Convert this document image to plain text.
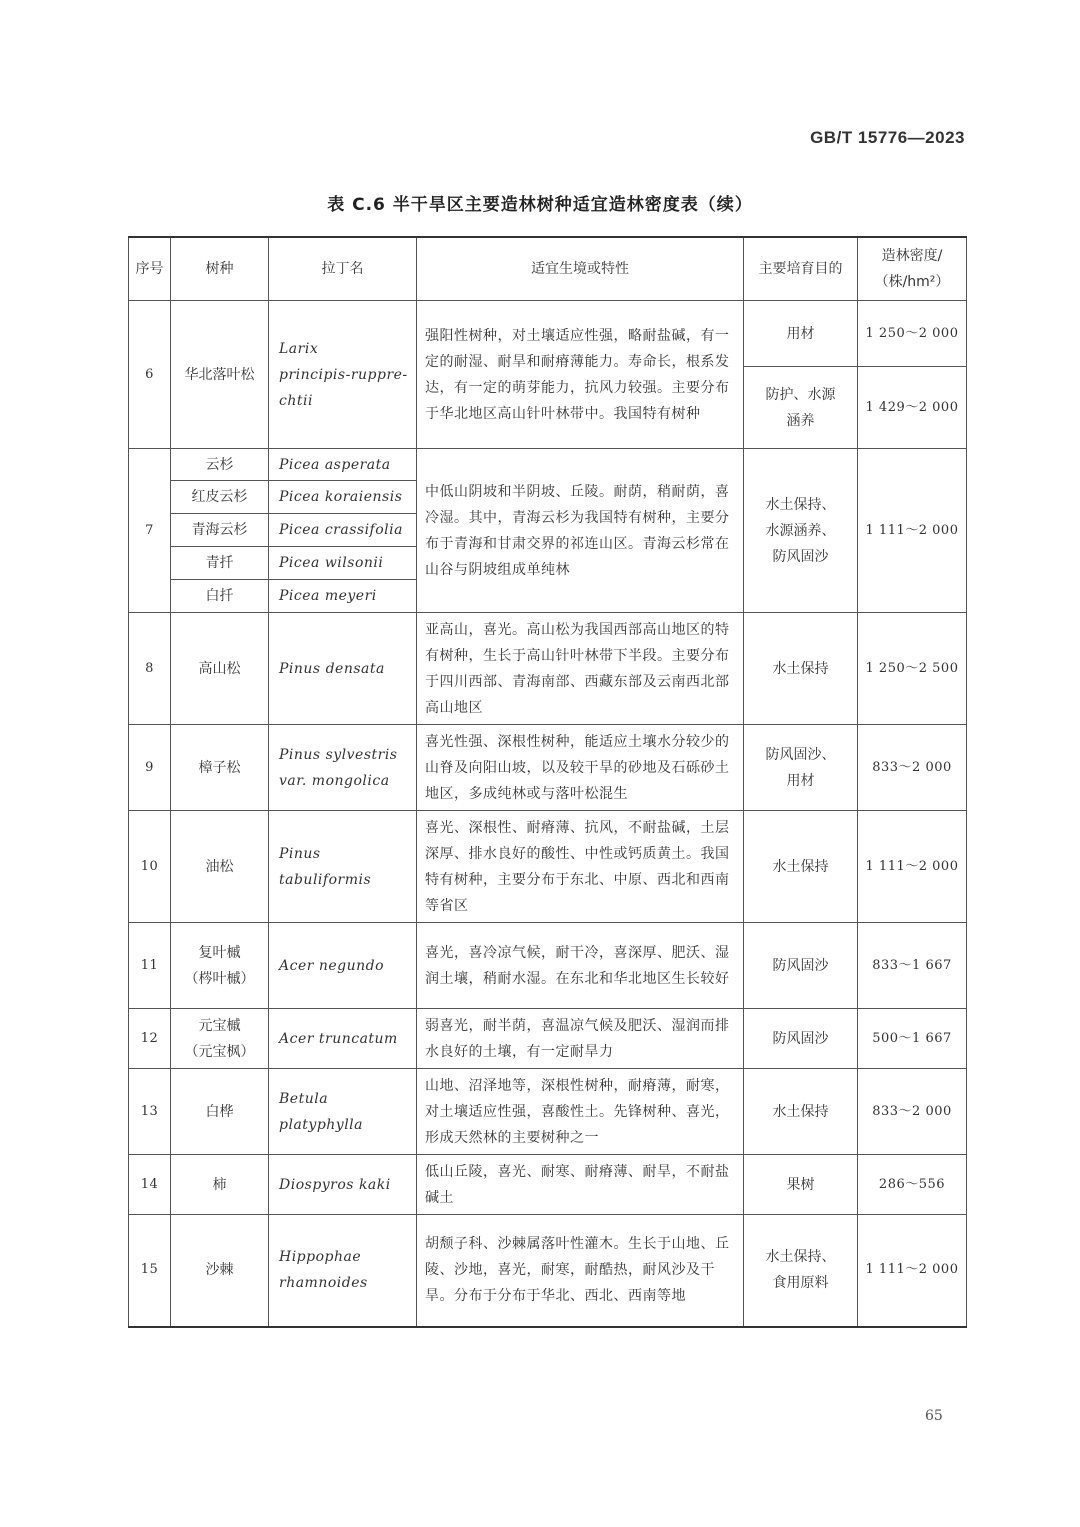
GB/T 15776—2023
表 C.6 半干旱区主要造林树种适宜造林密度表（续）
序号	树种	拉丁名	适宜生境或特性	主要培育目的	造林密度/
（株/hm²）
6	华北落叶松	Larix
principis-ruppre-
chtii	强阳性树种，对土壤适应性强，略耐盐碱，有一定的耐湿、耐旱和耐瘠薄能力。寿命长，根系发达，有一定的萌芽能力，抗风力较强。主要分布于华北地区高山针叶林带中。我国特有树种	用材	1 250～2 000
				防护、水源
涵养	1 429～2 000
7	云杉	Picea asperata	中低山阴坡和半阴坡、丘陵。耐荫，稍耐荫，喜冷湿。其中，青海云杉为我国特有树种，主要分布于青海和甘肃交界的祁连山区。青海云杉常在山谷与阴坡组成单纯林	水土保持、
水源涵养、
防风固沙	1 111～2 000
	红皮云杉	Picea koraiensis			
	青海云杉	Picea crassifolia			
	青扦	Picea wilsonii			
	白扦	Picea meyeri			
8	高山松	Pinus densata	亚高山，喜光。高山松为我国西部高山地区的特有树种，生长于高山针叶林带下半段。主要分布于四川西部、青海南部、西藏东部及云南西北部高山地区	水土保持	1 250～2 500
9	樟子松	Pinus sylvestris
var. mongolica	喜光性强、深根性树种，能适应土壤水分较少的山脊及向阳山坡，以及较干旱的砂地及石砾砂土地区，多成纯林或与落叶松混生	防风固沙、
用材	833～2 000
10	油松	Pinus
tabuliformis	喜光、深根性、耐瘠薄、抗风，不耐盐碱，土层深厚、排水良好的酸性、中性或钙质黄土。我国特有树种，主要分布于东北、中原、西北和西南等省区	水土保持	1 111～2 000
11	复叶槭
（梣叶槭）	Acer negundo	喜光，喜冷凉气候，耐干冷，喜深厚、肥沃、湿润土壤，稍耐水湿。在东北和华北地区生长较好	防风固沙	833～1 667
12	元宝槭
（元宝枫）	Acer truncatum	弱喜光，耐半荫，喜温凉气候及肥沃、湿润而排水良好的土壤，有一定耐旱力	防风固沙	500～1 667
13	白桦	Betula
platyphylla	山地、沼泽地等，深根性树种，耐瘠薄，耐寒，对土壤适应性强，喜酸性土。先锋树种、喜光，形成天然林的主要树种之一	水土保持	833～2 000
14	柿	Diospyros kaki	低山丘陵，喜光、耐寒、耐瘠薄、耐旱，不耐盐碱土	果树	286～556
15	沙棘	Hippophae
rhamnoides	胡颓子科、沙棘属落叶性灌木。生长于山地、丘陵、沙地，喜光，耐寒，耐酷热，耐风沙及干旱。分布于分布于华北、西北、西南等地	水土保持、
食用原料	1 111～2 000
65
